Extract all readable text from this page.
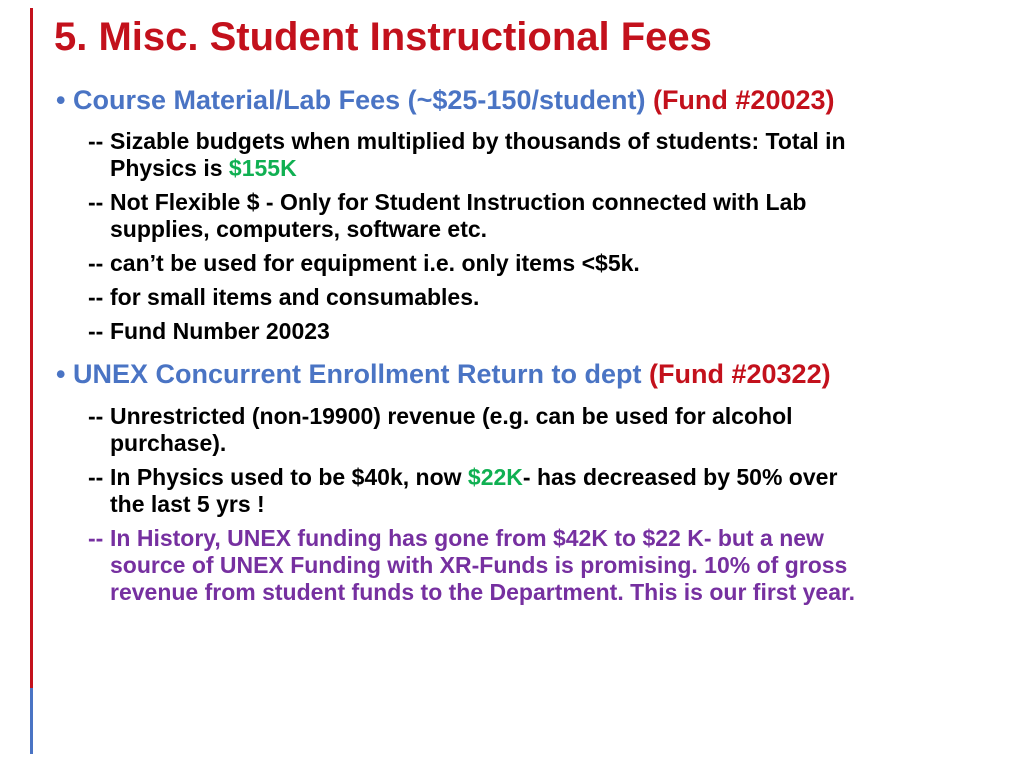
5. Misc. Student Instructional Fees
• Course Material/Lab Fees (~$25-150/student) (Fund #20023)
-- Sizable budgets when multiplied by thousands of students: Total in
Physics is $155K
-- Not Flexible $ - Only for Student Instruction connected with Lab
supplies, computers, software etc.
-- can’t be used for equipment i.e. only items <$5k.
-- for small items and consumables.
-- Fund Number 20023
• UNEX Concurrent Enrollment Return to dept (Fund #20322)
-- Unrestricted (non-19900) revenue (e.g. can be used for alcohol
purchase).
-- In Physics used to be $40k, now $22K- has decreased by 50% over
the last 5 yrs !
-- In History, UNEX funding has gone from $42K to $22 K- but a new
source of UNEX Funding with XR-Funds is promising. 10% of gross
revenue from student funds to the Department. This is our first year.
